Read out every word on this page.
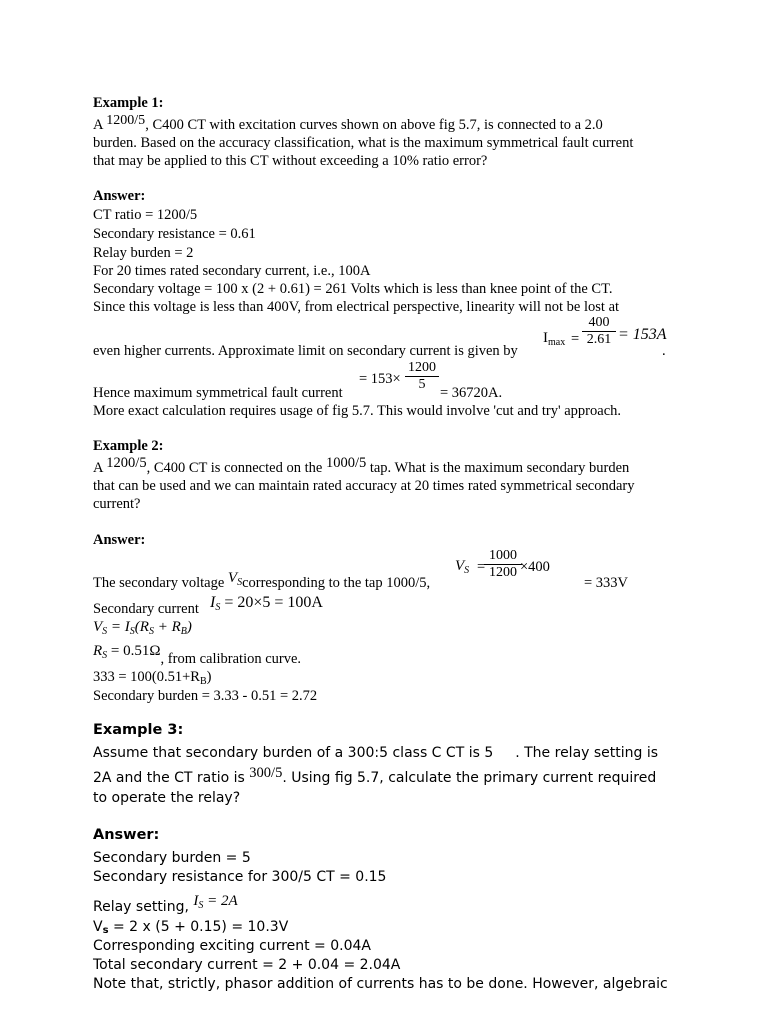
Example 1:
A 1200/5, C400 CT with excitation curves shown on above fig 5.7, is connected to a 2.0
burden. Based on the accuracy classification, what is the maximum symmetrical fault current
that may be applied to this CT without exceeding a 10% ratio error?
Answer:
CT ratio = 1200/5
Secondary resistance = 0.61
Relay burden = 2
For 20 times rated secondary current, i.e., 100A
Secondary voltage = 100 x (2 + 0.61) = 261 Volts which is less than knee point of the CT.
Since this voltage is less than 400V, from electrical perspective, linearity will not be lost at
$I_{max} = \frac{400}{2.61} = 153A$
even higher currents. Approximate limit on secondary current is given by	.
= $153\times \frac{1200}{5}$
Hence maximum symmetrical fault current	= 36720A.
More exact calculation requires usage of fig 5.7. This would involve 'cut and try' approach.
Example 2:
A 1200/5, C400 CT is connected on the 1000/5 tap. What is the maximum secondary burden
that can be used and we can maintain rated accuracy at 20 times rated symmetrical secondary
current?
Answer:
$V_S$ =
$\frac{1000}{1200}$
×400
= 333V
The secondary voltage $V_Scorresponding$ to the tap 1000/5,
Secondary current $I_S = 20\times 5 = 100A$
$V_S = I_S(R_S + R_B)$
$R_S = 0.51\Omega$, from calibration curve.
$333 = 100(0.51+R_B)$
Secondary burden = 3.33 - 0.51 = 2.72
Example 3:
Assume that secondary burden of a 300:5 class C CT is 5 . The relay setting is
2A and the CT ratio is 300/5. Using fig 5.7, calculate the primary current required
to operate the relay?
Answer:
Secondary burden = 5
Secondary resistance for 300/5 CT = 0.15
Relay setting, $I_S = 2A$
Vs = 2 x (5 + 0.15) = 10.3V
Corresponding exciting current = 0.04A
Total secondary current = 2 + 0.04 = 2.04A
Note that, strictly, phasor addition of currents has to be done. However, algebraic
